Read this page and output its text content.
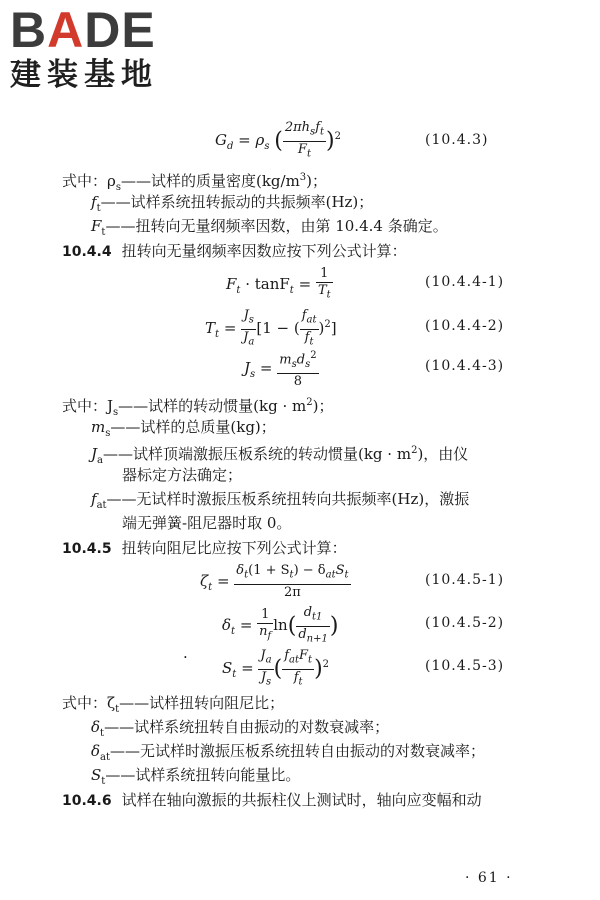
BADE
建装基地
$G_d = \rho_s$ ( $\frac{2\pi h_sf_t}{F_t} )^2$	(10.4.3)
式中：$\rho_s——$试样的质量密度$(kg/m^3)$；
$f_t——$试样系统扭转振动的共振频率(Hz)；
$F_t——$扭转向无量纲频率因数，由第 10.4.4 条确定。
10.4.4 扭转向无量纲频率因数应按下列公式计算：
$F_t \cdot \tan F_t = \frac{1}{T_t}$	(10.4.4-1)
$T_t = \frac{J_s}{J_a} [1$ − ( $\frac{f_{at}}{f_t} )^2$]	(10.4.4-2)
$J_s = \frac{m_sd_s^2}{8}$	(10.4.4-3)
式中：$J_s——$试样的转动惯量$(kg \cdot m^2)$；
$m_s——$试样的总质量(kg)；
$J_a——$试样顶端激振压板系统的转动惯量$(kg \cdot m^2)$，由仪
器标定方法确定；
$f_{at}——$无试样时激振压板系统扭转向共振频率(Hz)，激振
端无弹簧-阻尼器时取 0。
10.4.5 扭转向阻尼比应按下列公式计算：
$\zeta_t = \frac{\delta_t(1 + S_t) - \delta_{at}S_t}{2\pi}$	(10.4.5-1)
$\delta_t = \frac{1}{n_f} \ln( \frac{d_{t1}}{d_{n+1}}$ )	(10.4.5-2)
·
$S_t = \frac{J_a}{J_s}$ ( $\frac{f_{at}F_t}{f_t} )^2$	(10.4.5-3)
式中：$\zeta_t——$试样扭转向阻尼比；
$\delta_t——$试样系统扭转自由振动的对数衰减率；
$\delta_{at}——$无试样时激振压板系统扭转自由振动的对数衰减率；
$S_t——$试样系统扭转向能量比。
10.4.6 试样在轴向激振的共振柱仪上测试时，轴向应变幅和动
· 61 ·
